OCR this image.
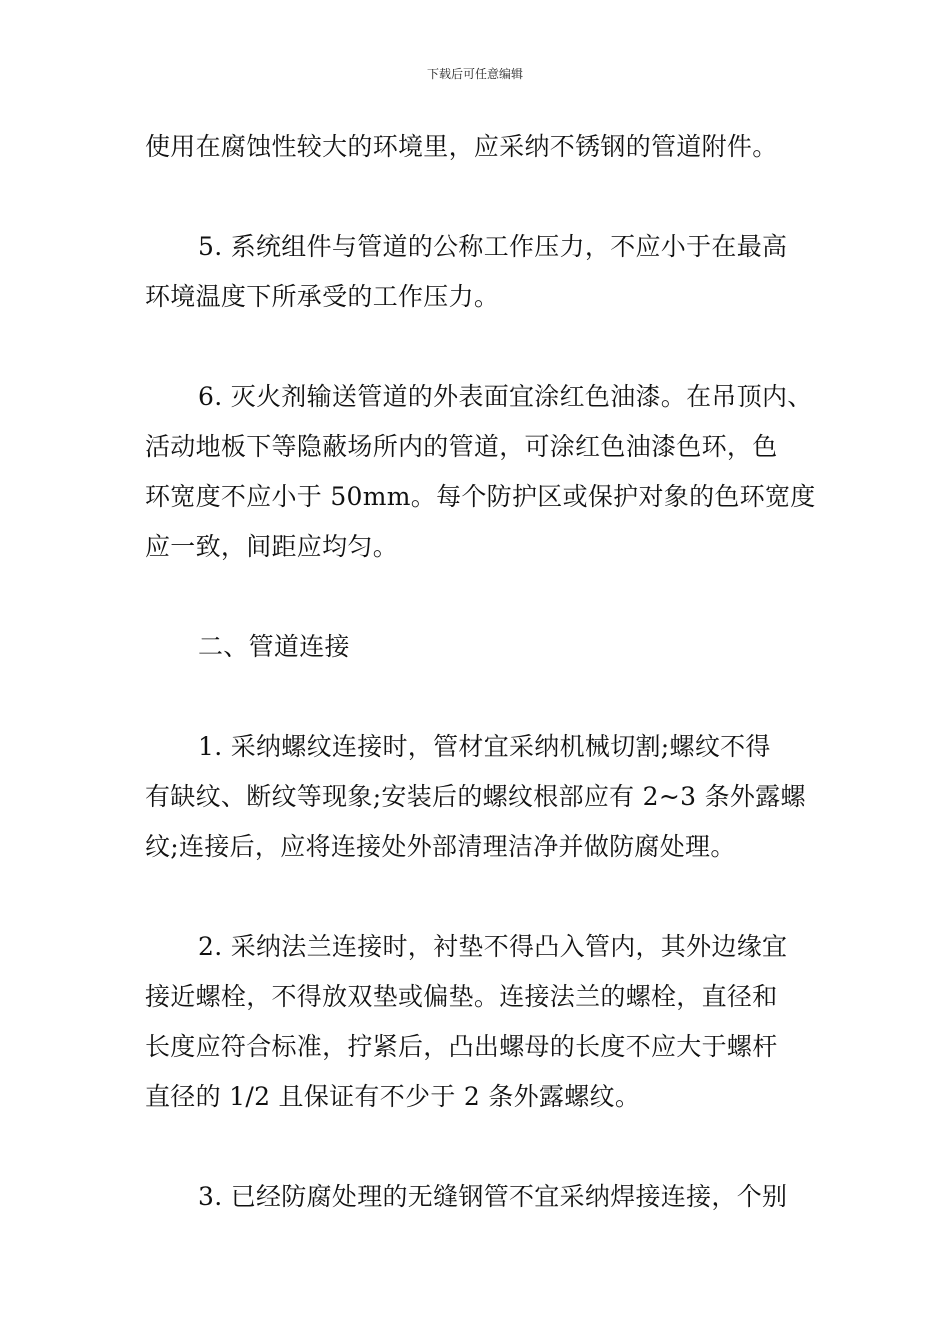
下载后可任意编辑

使用在腐蚀性较大的环境里，应采纳不锈钢的管道附件。

5. 系统组件与管道的公称工作压力，不应小于在最高
环境温度下所承受的工作压力。

6. 灭火剂输送管道的外表面宜涂红色油漆。在吊顶内、
活动地板下等隐蔽场所内的管道，可涂红色油漆色环，色
环宽度不应小于 50mm。每个防护区或保护对象的色环宽度
应一致，间距应均匀。

二、管道连接

1. 采纳螺纹连接时，管材宜采纳机械切割;螺纹不得
有缺纹、断纹等现象;安装后的螺纹根部应有 2~3 条外露螺
纹;连接后，应将连接处外部清理洁净并做防腐处理。

2. 采纳法兰连接时，衬垫不得凸入管内，其外边缘宜
接近螺栓，不得放双垫或偏垫。连接法兰的螺栓，直径和
长度应符合标准，拧紧后，凸出螺母的长度不应大于螺杆
直径的 1/2 且保证有不少于 2 条外露螺纹。

3. 已经防腐处理的无缝钢管不宜采纳焊接连接，个别
